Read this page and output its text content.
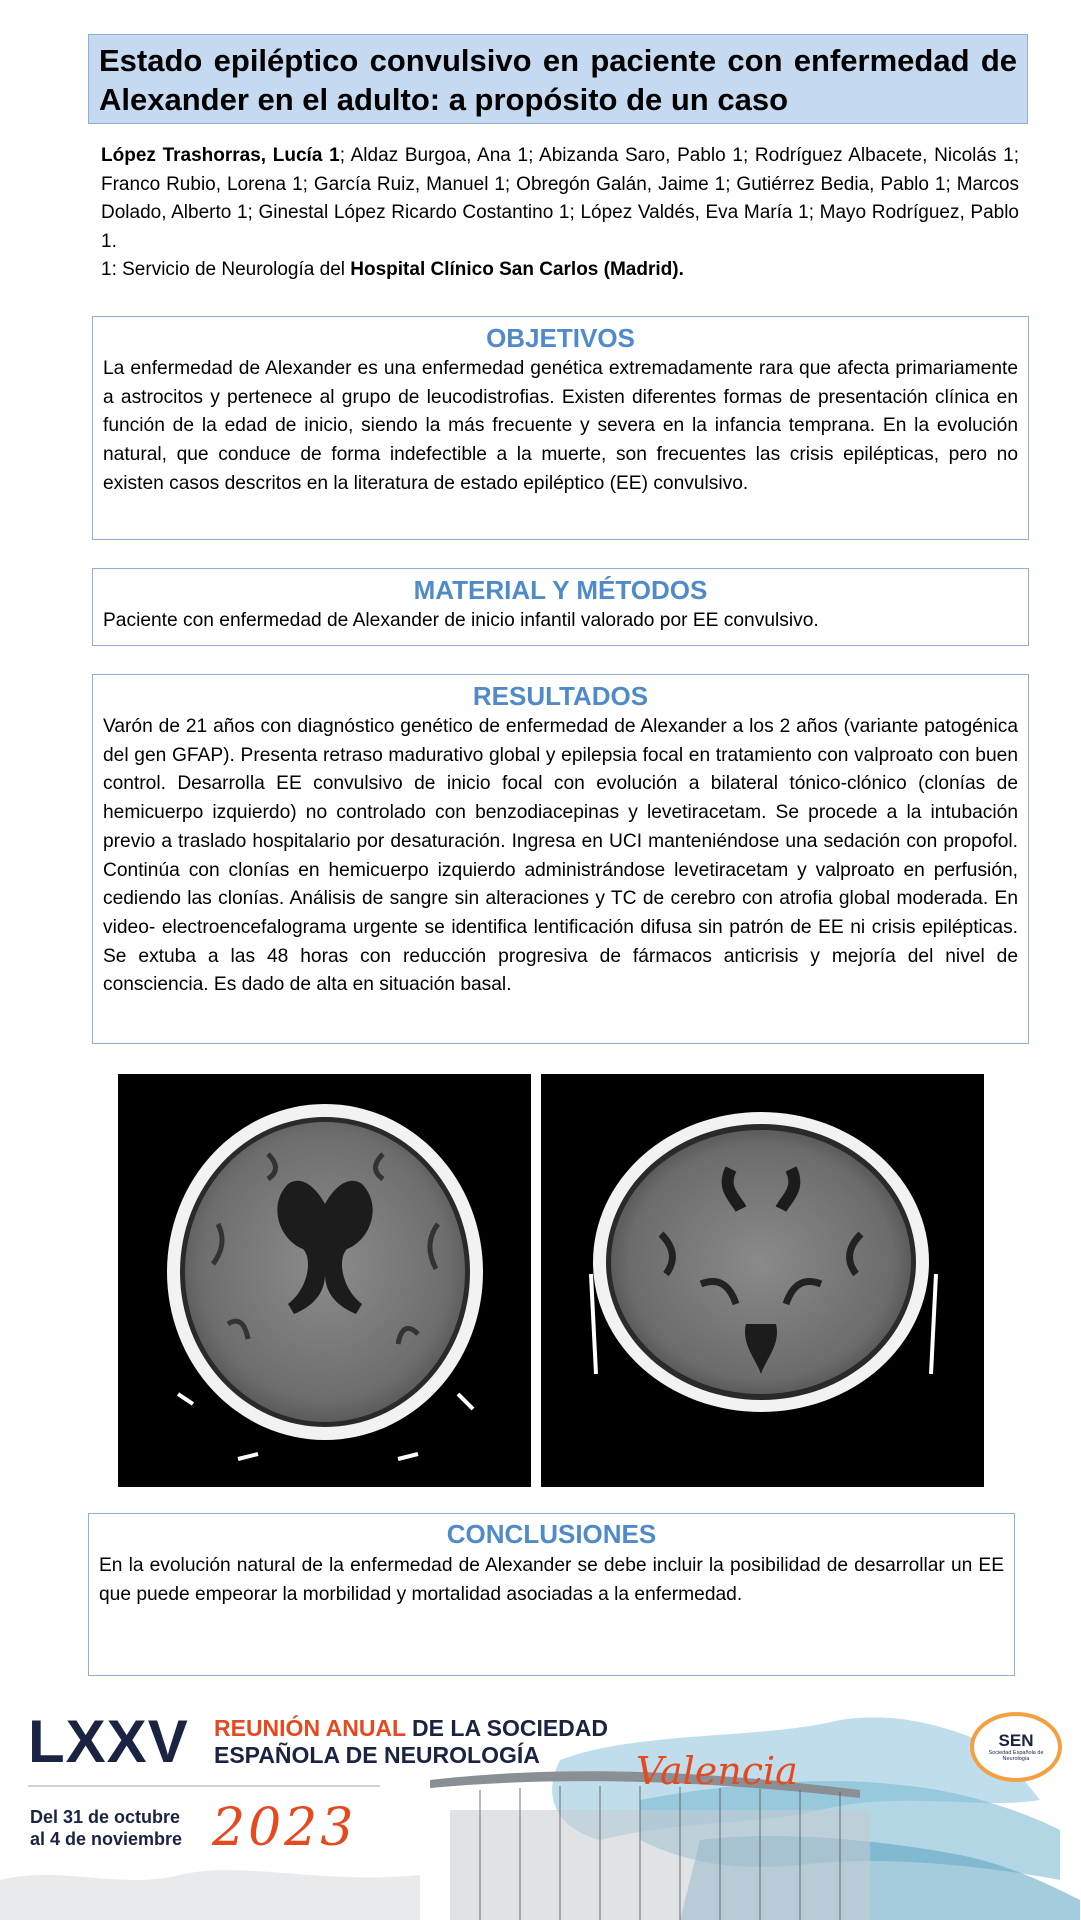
Estado epiléptico convulsivo en paciente con enfermedad de Alexander en el adulto: a propósito de un caso

López Trashorras, Lucía 1; Aldaz Burgoa, Ana 1; Abizanda Saro, Pablo 1; Rodríguez Albacete, Nicolás 1; Franco Rubio, Lorena 1; García Ruiz, Manuel 1; Obregón Galán, Jaime 1; Gutiérrez Bedia, Pablo 1; Marcos Dolado, Alberto 1; Ginestal López Ricardo Costantino 1; López Valdés, Eva María 1; Mayo Rodríguez, Pablo 1.

1: Servicio de Neurología del Hospital Clínico San Carlos (Madrid).

OBJETIVOS

La enfermedad de Alexander es una enfermedad genética extremadamente rara que afecta primariamente a astrocitos y pertenece al grupo de leucodistrofias. Existen diferentes formas de presentación clínica en función de la edad de inicio, siendo la más frecuente y severa en la infancia temprana. En la evolución natural, que conduce de forma indefectible a la muerte, son frecuentes las crisis epilépticas, pero no existen casos descritos en la literatura de estado epiléptico (EE) convulsivo.

MATERIAL Y MÉTODOS

Paciente con enfermedad de Alexander de inicio infantil valorado por EE convulsivo.

RESULTADOS

Varón de 21 años con diagnóstico genético de enfermedad de Alexander a los 2 años (variante patogénica del gen GFAP). Presenta retraso madurativo global y epilepsia focal en tratamiento con valproato con buen control. Desarrolla EE convulsivo de inicio focal con evolución a bilateral tónico-clónico (clonías de hemicuerpo izquierdo) no controlado con benzodiacepinas y levetiracetam. Se procede a la intubación previo a traslado hospitalario por desaturación. Ingresa en UCI manteniéndose una sedación con propofol. Continúa con clonías en hemicuerpo izquierdo administrándose levetiracetam y valproato en perfusión, cediendo las clonías. Análisis de sangre sin alteraciones y TC de cerebro con atrofia global moderada. En video- electroencefalograma urgente se identifica lentificación difusa sin patrón de EE ni crisis epilépticas. Se extuba a las 48 horas con reducción progresiva de fármacos anticrisis y mejoría del nivel de consciencia. Es dado de alta en situación basal.

CONCLUSIONES

En la evolución natural de la enfermedad de Alexander se debe incluir la posibilidad de desarrollar un EE que puede empeorar la morbilidad y mortalidad asociadas a la enfermedad.

LXXV REUNIÓN ANUAL DE LA SOCIEDAD
ESPAÑOLA DE NEUROLOGÍA
Del 31 de octubre
al 4 de noviembre 2023
Valencia
SEN
Sociedad Española de Neurología
